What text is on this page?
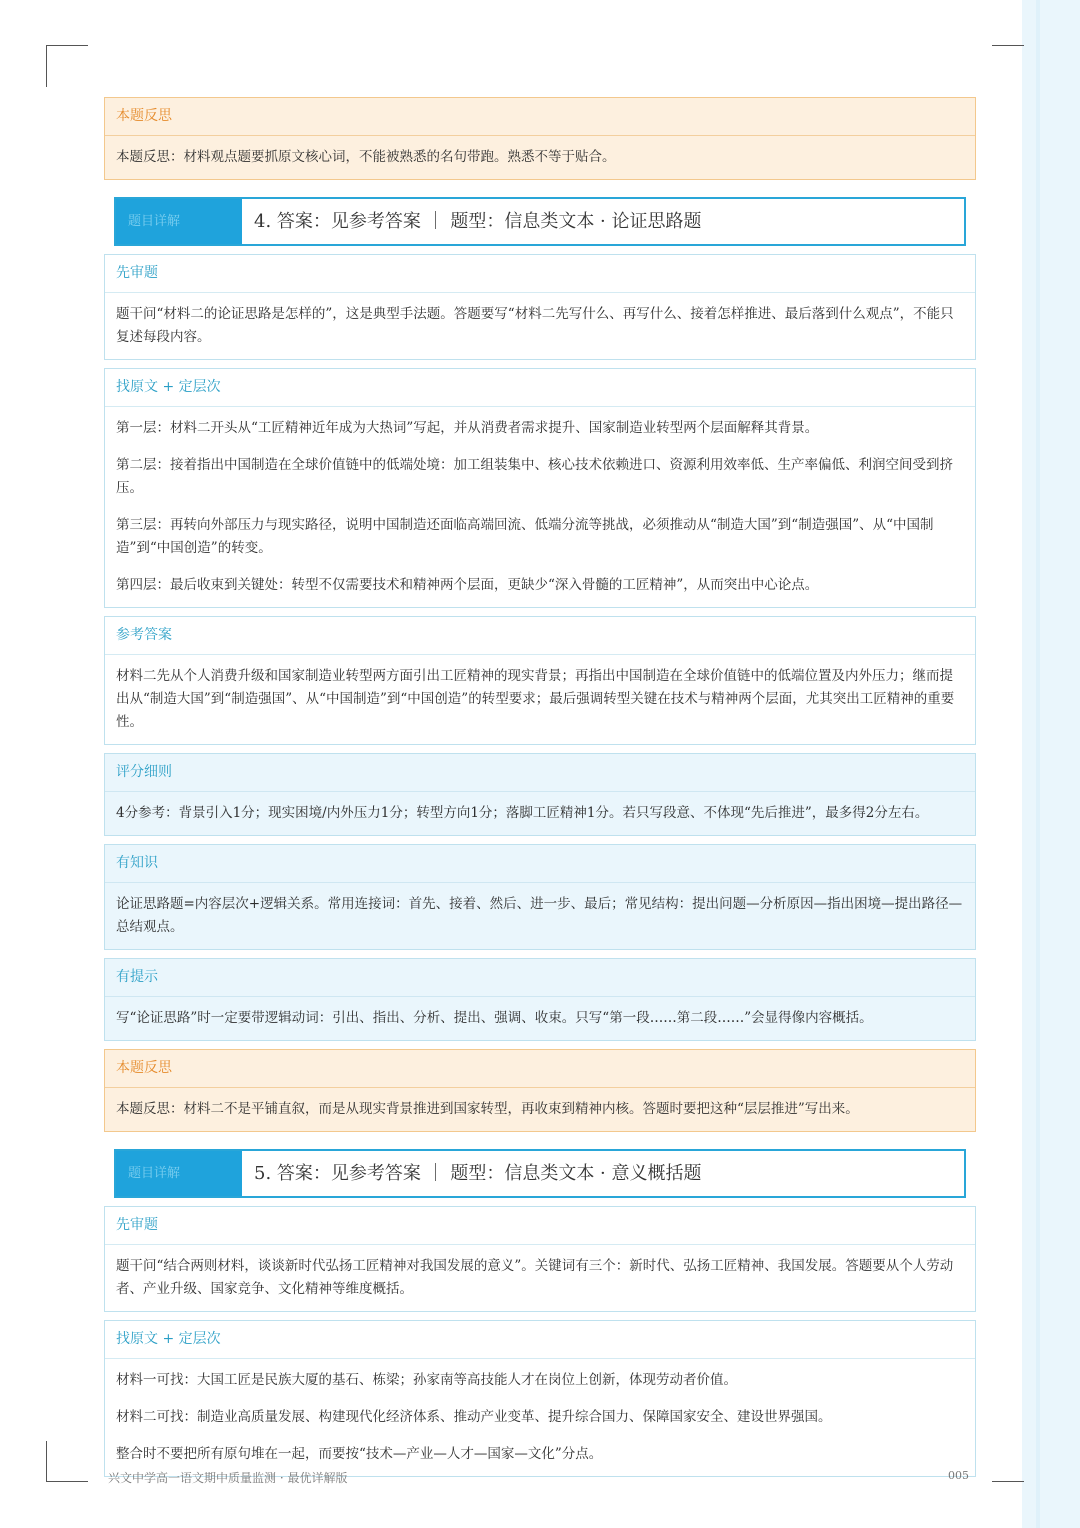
本题反思

本题反思：材料观点题要抓原文核心词，不能被熟悉的名句带跑。熟悉不等于贴合。

题目详解	4. 答案：见参考答案 ｜ 题型：信息类文本 · 论证思路题
先审题

题干问“材料二的论证思路是怎样的”，这是典型手法题。答题要写“材料二先写什么、再写什么、接着怎样推进、最后落到什么观点”，不能只复述每段内容。

找原文 + 定层次

第一层：材料二开头从“工匠精神近年成为大热词”写起，并从消费者需求提升、国家制造业转型两个层面解释其背景。

第二层：接着指出中国制造在全球价值链中的低端处境：加工组装集中、核心技术依赖进口、资源利用效率低、生产率偏低、利润空间受到挤压。

第三层：再转向外部压力与现实路径，说明中国制造还面临高端回流、低端分流等挑战，必须推动从“制造大国”到“制造强国”、从“中国制造”到“中国创造”的转变。

第四层：最后收束到关键处：转型不仅需要技术和精神两个层面，更缺少“深入骨髓的工匠精神”，从而突出中心论点。

参考答案

材料二先从个人消费升级和国家制造业转型两方面引出工匠精神的现实背景；再指出中国制造在全球价值链中的低端位置及内外压力；继而提出从“制造大国”到“制造强国”、从“中国制造”到“中国创造”的转型要求；最后强调转型关键在技术与精神两个层面，尤其突出工匠精神的重要性。

评分细则

4分参考：背景引入1分；现实困境/内外压力1分；转型方向1分；落脚工匠精神1分。若只写段意、不体现“先后推进”，最多得2分左右。

有知识

论证思路题=内容层次+逻辑关系。常用连接词：首先、接着、然后、进一步、最后；常见结构：提出问题—分析原因—指出困境—提出路径—总结观点。

有提示

写“论证思路”时一定要带逻辑动词：引出、指出、分析、提出、强调、收束。只写“第一段……第二段……”会显得像内容概括。

本题反思

本题反思：材料二不是平铺直叙，而是从现实背景推进到国家转型，再收束到精神内核。答题时要把这种“层层推进”写出来。

题目详解	5. 答案：见参考答案 ｜ 题型：信息类文本 · 意义概括题
先审题

题干问“结合两则材料，谈谈新时代弘扬工匠精神对我国发展的意义”。关键词有三个：新时代、弘扬工匠精神、我国发展。答题要从个人劳动者、产业升级、国家竞争、文化精神等维度概括。

找原文 + 定层次

材料一可找：大国工匠是民族大厦的基石、栋梁；孙家南等高技能人才在岗位上创新，体现劳动者价值。

材料二可找：制造业高质量发展、构建现代化经济体系、推动产业变革、提升综合国力、保障国家安全、建设世界强国。

整合时不要把所有原句堆在一起，而要按“技术—产业—人才—国家—文化”分点。

兴文中学高一语文期中质量监测 · 最优详解版	005
